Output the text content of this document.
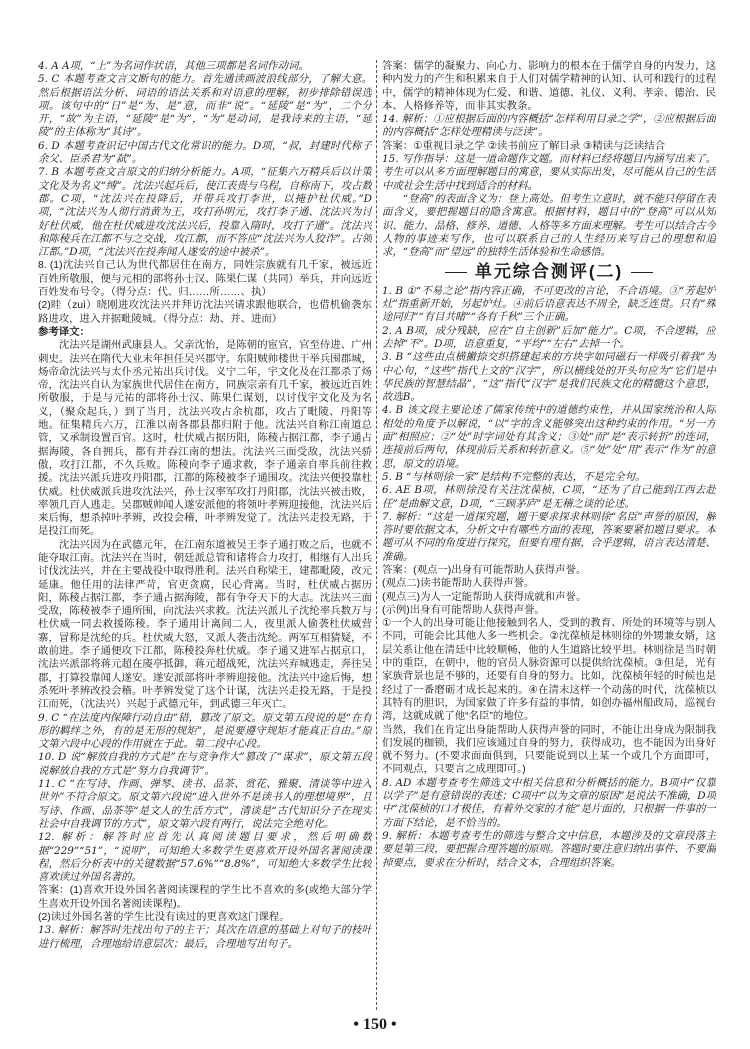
4. A A项，“上”为名词作状语，其他三项都是名词作动词。

5. C 本题考查文言文断句的能力。首先通读画波浪线部分，了解大意。然后根据语法分析、词语的语法关系和对语意的理解，初步排除错误选项。该句中的“日”是“为、是”意，而非“说”。“延陵”是“为”，二个分开，“故”为主语，“延陵”是“为”，“为”是动词，是我诗来的主语，“延陵”的主体称为“其诗”。

6. D 本题考查识记中国古代文化常识的能力。D项，“叔，封建时代称子余父、臣杀君为“弑”。

7. B 本题考查文言原文的归纳分析能力。A项，“征集六万精兵后以计策文化及为名义“缚”。沈法兴起兵后，使江表贵与乌程，自称南下，攻占数郡。C项，“沈法兴在投降后，并带兵攻打李世，以掩护杜伏威。”D项，“沈法兴为人彻行消黄为王，攻打孙明元，攻打李子通、沈法兴为讨好杜伏威，他在杜伏威进攻沈法兴后，投靠入隋时，攻打子通”。沈法兴和陈稜兵在江都不与之交战，攻江都，而不答应“沈法兴为人狡诈”。占领江都。”D项，“沈法兴在投奔闻人遂安的途中被杀”。

8. (1)沈法兴自己认为世代都居住在南方，同姓宗族就有几千家，被远近百姓所敬服，便与元相的部将孙士汉、陈果仁谋（共同）举兵，并向远近百姓发布号令。（得分点：代、归……所……、执）

(2)眭（zuì）晓刚进攻沈法兴并拜访沈法兴请求跟他联合，也借机偷袭东路进攻，进入并据毗陵城。（得分点：劫、并、进而）

参考译文：

沈法兴是湖州武康县人。父亲沈怡，是陈朝的宦官，官至侍进、广州刺史。法兴在隋代大业末年担任吴兴郡守。东阳贼帅楼世干举兵围郡城，炀帝命沈法兴与太仆丞元祐出兵讨伐。义宁二年，宇文化及在江都杀了炀帝，沈法兴自认为家族世代居住在南方，同族宗亲有几千家，被远近百姓所敬服，于是与元祐的部将孙士汉、陈果仁谋划，以讨伐宇文化及为名义，（聚众起兵，）到了当月，沈法兴攻占余杭郡，攻占了毗陵、丹阳等地。征集精兵六万，江淮以南各郡县都归附于他。沈法兴自称江南道总管，又承制设置百官。这时，杜伏威占据历阳，陈稜占据江都，李子通占据海陵，各自拥兵，都有并吞江南的想法。沈法兴三面受敌，沈法兴骄傲，攻打江都，不久兵败。陈稜向李子通求救，李子通亲自率兵前往救援。沈法兴派兵进攻丹阳郡，江都的陈稜被李子通围攻。沈法兴便投靠杜伏威。杜伏威派兵进攻沈法兴，孙士汉率军攻打丹阳郡，沈法兴被击败，率领几百人逃走。吴郡贼帅闻人遂安派他的将领叶孝辨迎接他，沈法兴后来后悔，想杀掉叶孝辨，改投会稽，叶孝辨发觉了。沈法兴走投无路，于是投江而死。

沈法兴因为在武德元年，在江南东道被吴王李子通打败之后，也就不能夺取江南。沈法兴在当时，朝廷派总管和诸将合力攻打，相继有人出兵讨伐沈法兴，并在主要战役中取得胜利。法兴自称梁王，建都毗陵，改元延康。他任用的法律严苛，官吏贪腐，民心背离。当时，杜伏威占据历阳，陈稜占据江都，李子通占据海陵，都有争夺天下的大志。沈法兴三面受敌，陈稜被李子通所围，向沈法兴求救。沈法兴派儿子沈纶率兵数万与杜伏威一同去救援陈稜。李子通用计离间二人，夜里派人偷袭杜伏威营寨，冒称是沈纶的兵。杜伏威大怒，又派人袭击沈纶。两军互相猜疑，不敢前进。李子通便攻下江都，陈稜投奔杜伏威。李子通又进军占据京口，沈法兴派部将蒋元超在庱亭抵御，蒋元超战死，沈法兴弃城逃走，奔往吴郡，打算投靠闻人遂安。遂安派部将叶孝辨迎接他。沈法兴中途后悔，想杀死叶孝辨改投会稽。叶孝辨发觉了这个计谋，沈法兴走投无路，于是投江而死，（沈法兴）兴起于武德元年，到武德三年灭亡。

9. C “在法度内保障行动自由”错，篡改了原文。原文第五段说的是“在有形的羁绊之外，有的是无形的规矩”，是说要遵守规矩才能真正自由。”原文第六段中心段的作用就在于此。第二段中心段。

10. D 说“解放自我的方式是”在与竞争作大”篡改了“谋求”，原文第五段说解放自我的方式是“努力自我调节”。

11. C “在写诗、作画、弹琴、读书、品茶、赏花、雅聚、清谈等中进入世外”不符合原文。原文第六段说“进入世外不是读书人的理想境界”，且写诗、作画、品茶等“是文人的生活方式”，清谈是“古代知识分子在现实社会中自我调节的方式”，原文第六段有两行，说法完全绝对化。

12. 解析：解答时应首先认真阅读题目要求，然后明确数据“229”“51”，“说明”，可知绝大多数学生更喜欢开设外国名著阅读课程，然后分析表中的关键数据“57.6%”“8.8%”，可知绝大多数学生比较喜欢读过外国名著的。

答案：(1)喜欢开设外国名著阅读课程的学生比不喜欢的多(或绝大部分学生喜欢开设外国名著阅读课程)。

(2)读过外国名著的学生比没有读过的更喜欢这门课程。

13. 解析：解答时先找出句子的主干；其次在语意的基础上对句子的枝叶进行梳理，合理地给语意层次；最后，合理地写出句子。

答案：儒学的凝聚力、向心力、影响力的根本在于儒学自身的内发力，这种内发力的产生和积累来自于人们对儒学精神的认知、认可和践行的过程中，儒学的精神体现为仁爱、和谐、道德、礼仪、义利、孝亲、德治、民本、人格修养等，而非其实教条。

14. 解析：①应根据后面的内容概括“怎样利用目录之学”，②应根据后面的内容概括“怎样处理精读与泛读”。

答案：①重视目录之学 ②读书前应了解目录 ③精读与泛读结合

15. 写作指导：这是一道命题作文题。而材料已经将题目内涵写出来了。考生可以从多方面理解题目的寓意，要从实际出发，尽可能从自己的生活中或社会生活中找到适合的材料。

“登高”的表面含义为：登上高处。但考生立意时，就不能只停留在表面含义，要把握题目的隐含寓意。根据材料，题目中的“登高”可以从知识、能力、品格、修养、道德、人格等多方面来理解。考生可以结合古今人物的事迹来写作，也可以联系自己的人生经历来写自己的理想和追求，“登高”而“望远”的独特生活体验和生命感悟。

单元综合测评(二)

1. B ①“不易之论”指内容正确，不可更改的言论，不合语境。③“芳起炉灶”指重新开始，另起炉灶。④前后语意表达不周全，缺乏连贯。只有“殊途同归”“有目共睹”“各有千秋”三个正确。

2. A B项，成分残缺，应在“自主创新”后加“能力”。C项，不合逻辑，应去掉“不”。D项，语意重复，“平均”“左右”去掉一个。

3. B “这些由点横撇捺交织搭建起来的方块字如同磁石一样吸引着我”为中心句，“这些”指代上文的“汉字”，所以横线处的开头句应为“它们是中华民族的智慧结晶”，“这”指代“汉字”是我们民族文化的精髓这个意思，故选B。

4. B 该文段主要论述了儒家传统中的道德约束性，并从国家统治和人际相处的角度予以解说，“以”字的含义能够突出这种约束的作用。“另一方面”相照应；②“处”时字词处有其含义；③处“而”是“表示转折”的连词，连接前后两句，体现前后关系和转折意义。⑤“处”处“用”表示“作为”的意思，原文的语境。

5. B “与林则徐一家”是结构不完整的表达，不是完全句。

6. AE B项，林则徐没有关注沈葆桢，C项，“还为了自己能到江西去赴任”是曲解文意，D项，“三顾茅庐”是无稽之谈的论述。

7. 解析：“这是一道探究题，题干要求探求林则徐“名臣”声誉的原因，解答时要依据文本，分析文中有哪些方面的表现，答案要紧扣题目要求。本题可从不同的角度进行探究，但要有理有据，合乎逻辑，语言表达清楚、准确。

答案：(观点一)出身有可能帮助人获得声誉。

(观点二)读书能帮助人获得声誉。

(观点三)为人一定能帮助人获得成就和声誉。

(示例)出身有可能帮助人获得声誉。

①一个人的出身可能让他接触到名人，受到的教育、所处的环境等与别人不同，可能会比其他人多一些机会。②沈葆桢是林则徐的外甥兼女婿，这层关系让他在清廷中比较顺畅，他的人生道路比较平坦。林则徐是当时朝中的重臣，在朝中，他的官员人脉资源可以提供给沈葆桢。③但是，光有家族背景也是不够的，还要有自身的努力。比如，沈葆桢年轻的时候也是经过了一番磨砺才成长起来的。④在清末这样一个动荡的时代，沈葆桢以其特有的胆识，为国家做了许多有益的事情，如创办福州船政局，巡视台湾，这就成就了他“名臣”的地位。

当然，我们在肯定出身能帮助人获得声誉的同时，不能让出身成为限制我们发展的枷锁，我们应该通过自身的努力，获得成功，也不能因为出身好就不努力。(不要求面面俱到，只要能说到以上某一个或几个方面即可，不同观点，只要言之成理即可。)

8. AD 本题考查考生筛选文中相关信息和分析概括的能力。B项中“仅靠以学子”是有意错误的表述；C项中“以为文章的原因”是说法不准确，D项中“沈葆桢的口才极佳，有着外交家的才能”是片面的，只根据一件事的一方面下结论，是不恰当的。

9. 解析：本题考查考生的筛选与整合文中信息，本题涉及的文章段落主要是第三段，要把握合理答题的原则。答题时要注意归纳出事件、不要漏掉要点，要求在分析时，结合文本，合理组织答案。

• 150 •
